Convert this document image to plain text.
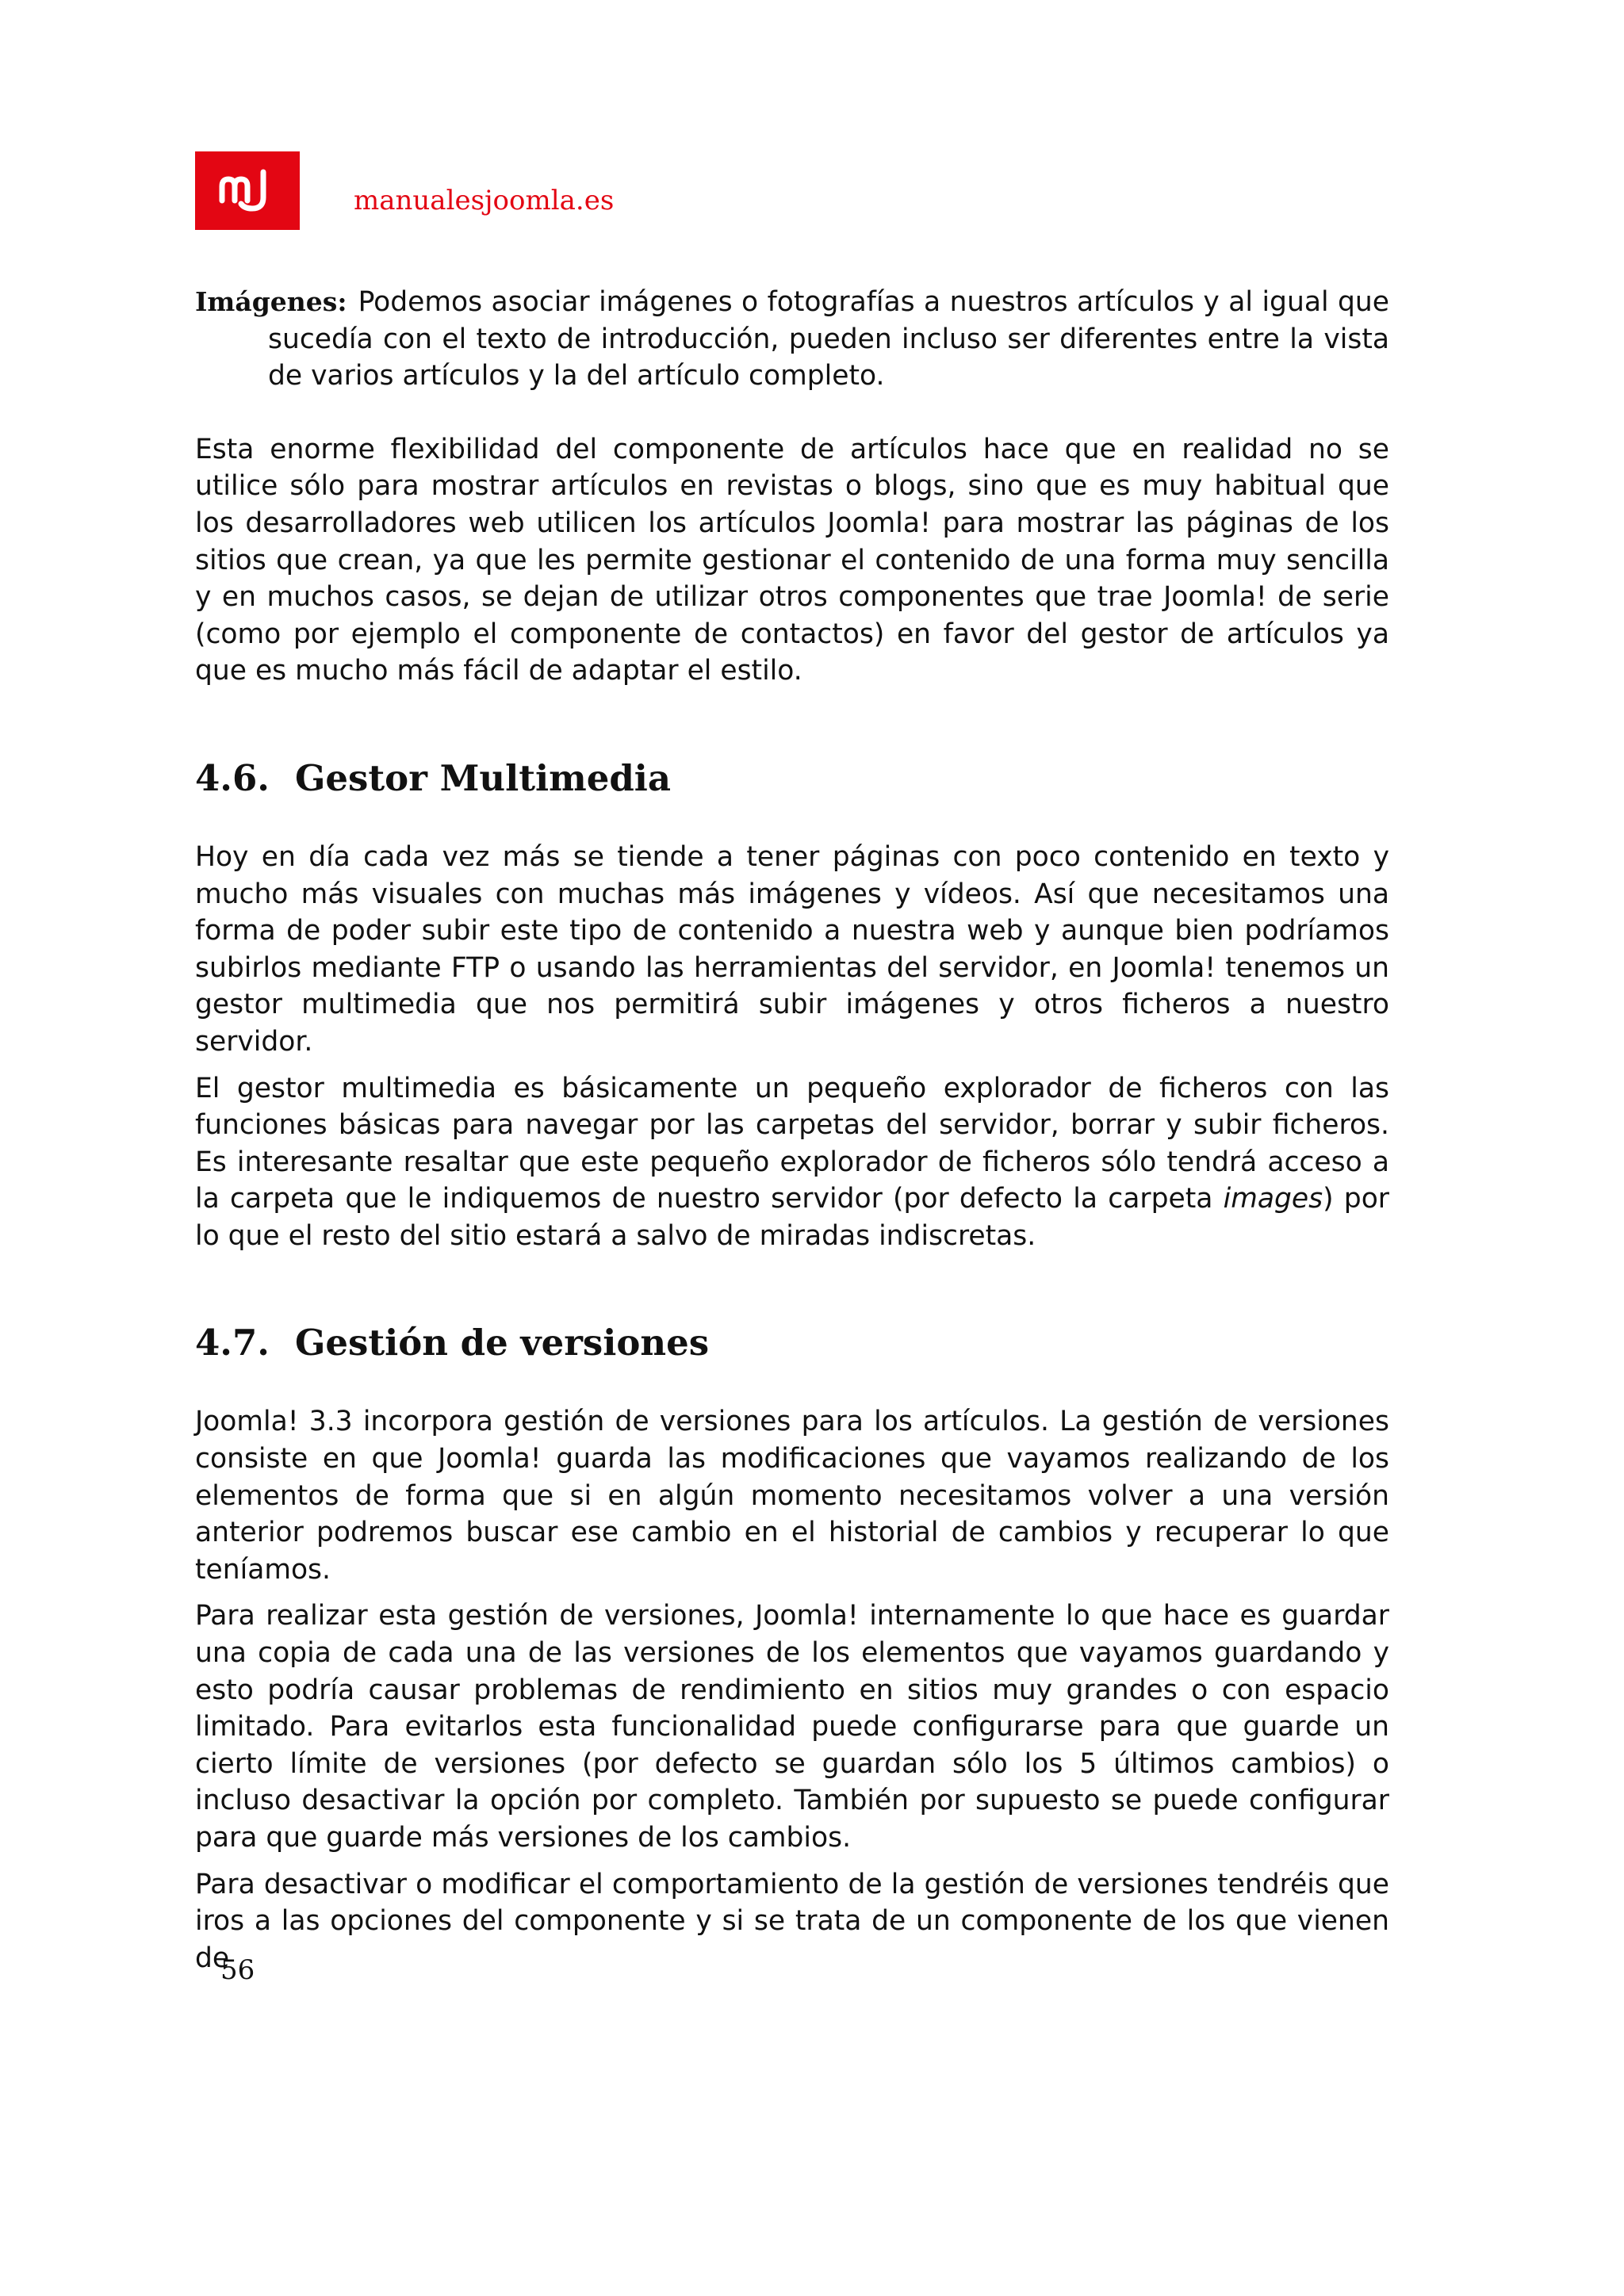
manualesjoomla.es

Imágenes: Podemos asociar imágenes o fotografías a nuestros artículos y al igual que sucedía con el texto de introducción, pueden incluso ser diferentes entre la vista de varios artículos y la del artículo completo.

Esta enorme flexibilidad del componente de artículos hace que en realidad no se utilice sólo para mostrar artículos en revistas o blogs, sino que es muy habitual que los desarrolladores web utilicen los artículos Joomla! para mostrar las páginas de los sitios que crean, ya que les permite gestionar el contenido de una forma muy sencilla y en muchos casos, se dejan de utilizar otros componentes que trae Joomla! de serie (como por ejemplo el componente de contactos) en favor del gestor de artículos ya que es mucho más fácil de adaptar el estilo.

4.6. Gestor Multimedia

Hoy en día cada vez más se tiende a tener páginas con poco contenido en texto y mucho más visuales con muchas más imágenes y vídeos. Así que necesitamos una forma de poder subir este tipo de contenido a nuestra web y aunque bien podríamos subirlos mediante FTP o usando las herramientas del servidor, en Joomla! tenemos un gestor multimedia que nos permitirá subir imágenes y otros ficheros a nuestro servidor.

El gestor multimedia es básicamente un pequeño explorador de ficheros con las funciones básicas para navegar por las carpetas del servidor, borrar y subir ficheros. Es interesante resaltar que este pequeño explorador de ficheros sólo tendrá acceso a la carpeta que le indiquemos de nuestro servidor (por defecto la carpeta images) por lo que el resto del sitio estará a salvo de miradas indiscretas.

4.7. Gestión de versiones

Joomla! 3.3 incorpora gestión de versiones para los artículos. La gestión de versiones consiste en que Joomla! guarda las modificaciones que vayamos realizando de los elementos de forma que si en algún momento necesitamos volver a una versión anterior podremos buscar ese cambio en el historial de cambios y recuperar lo que teníamos.

Para realizar esta gestión de versiones, Joomla! internamente lo que hace es guardar una copia de cada una de las versiones de los elementos que vayamos guardando y esto podría causar problemas de rendimiento en sitios muy grandes o con espacio limitado. Para evitarlos esta funcionalidad puede configurarse para que guarde un cierto límite de versiones (por defecto se guardan sólo los 5 últimos cambios) o incluso desactivar la opción por completo. También por supuesto se puede configurar para que guarde más versiones de los cambios.

Para desactivar o modificar el comportamiento de la gestión de versiones tendréis que iros a las opciones del componente y si se trata de un componente de los que vienen de

56
